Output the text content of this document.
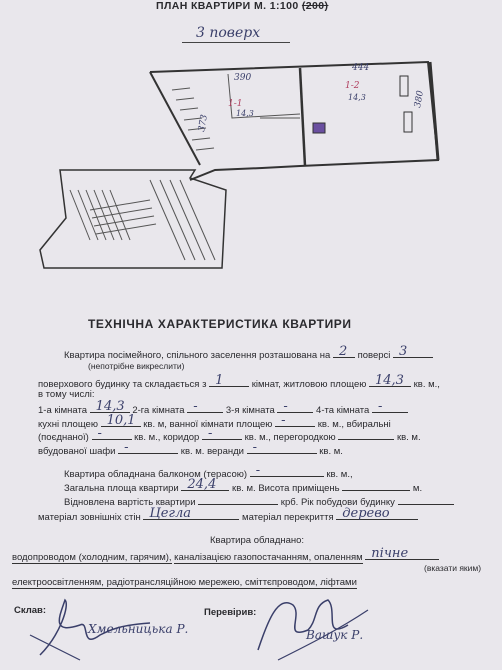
ПЛАН КВАРТИРИ М. 1:100 (200)
3 поверх
390
444
373
380
1-1
14,3
1-2
14,3
ТЕХНІЧНА ХАРАКТЕРИСТИКА КВАРТИРИ
Квартира посімейного, спільного заселення розташована на 2 поверсі 3
(непотрібне викреслити)
поверхового будинку та складається з 1	кімнат, житловою площею 14,3 кв. м.,
в тому числі:
1-а кімната 14,3 2-га кімната -	3-я кімната -	4-та кімната -
кухні площею 10,1 кв. м, ванної кімнати площею -	кв. м., вбиральні
(поєднаної) -	кв. м., коридор -	кв. м., перегородкою	кв. м.
вбудованої шафи -	кв. м. веранди -	кв. м.
Квартира обладнана балконом (терасою) -	кв. м.,
Загальна площа квартири 24,4 кв. м. Висота приміщень	м.
Відновлена вартість квартири	крб. Рік побудови будинку
матеріал зовнішніх стін Цегла	матеріал перекриття дерево
Квартира обладнано:
водопроводом (холодним, гарячим), каналізацією газопостачанням, опаленням пічне
(вказати яким)
електроосвітленням, радіотрансляційною мережею, сміттєпроводом, ліфтами
Склав:
Хмельницька Р.
Перевірив:
Вашук Р.
